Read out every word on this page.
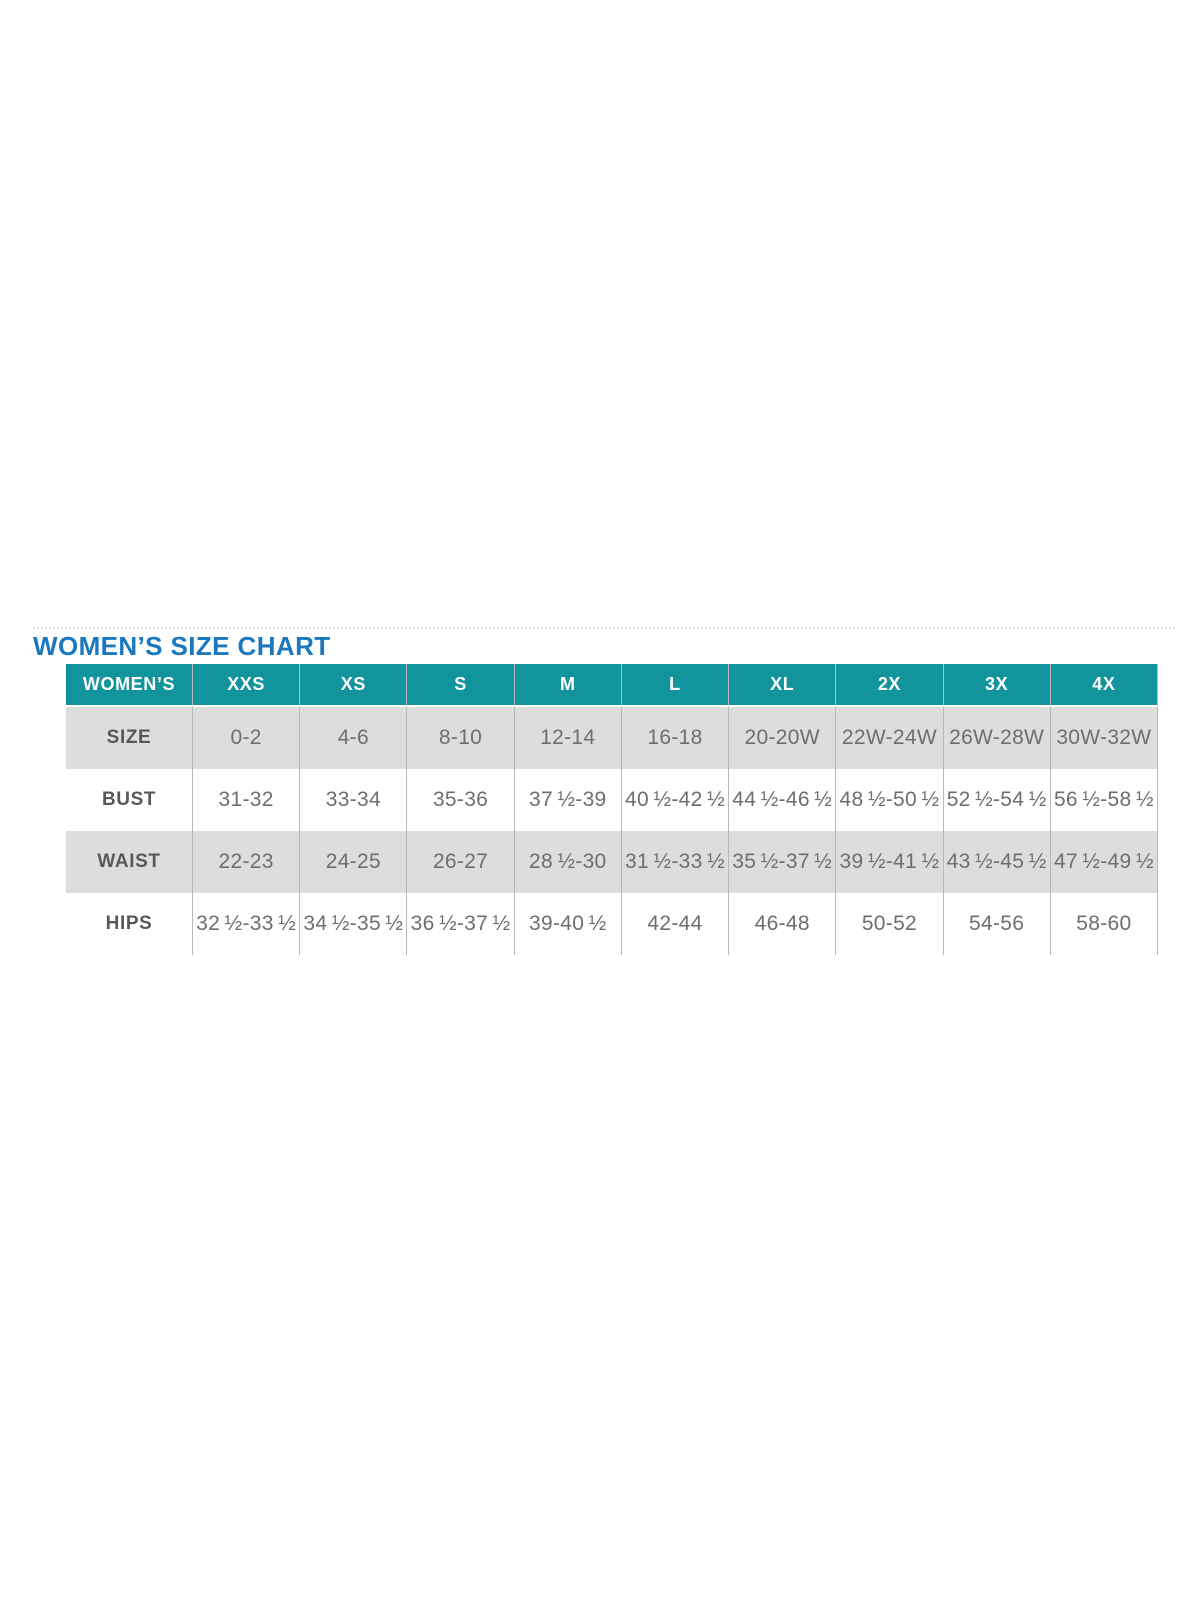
WOMEN’S SIZE CHART
WOMEN’S	XXS	XS	S	M	L	XL	2X	3X	4X
SIZE	0-2	4-6	8-10	12-14	16-18	20-20W	22W-24W	26W-28W	30W-32W
BUST	31-32	33-34	35-36	37 ½-39	40 ½-42 ½	44 ½-46 ½	48 ½-50 ½	52 ½-54 ½	56 ½-58 ½
WAIST	22-23	24-25	26-27	28 ½-30	31 ½-33 ½	35 ½-37 ½	39 ½-41 ½	43 ½-45 ½	47 ½-49 ½
HIPS	32 ½-33 ½	34 ½-35 ½	36 ½-37 ½	39-40 ½	42-44	46-48	50-52	54-56	58-60
